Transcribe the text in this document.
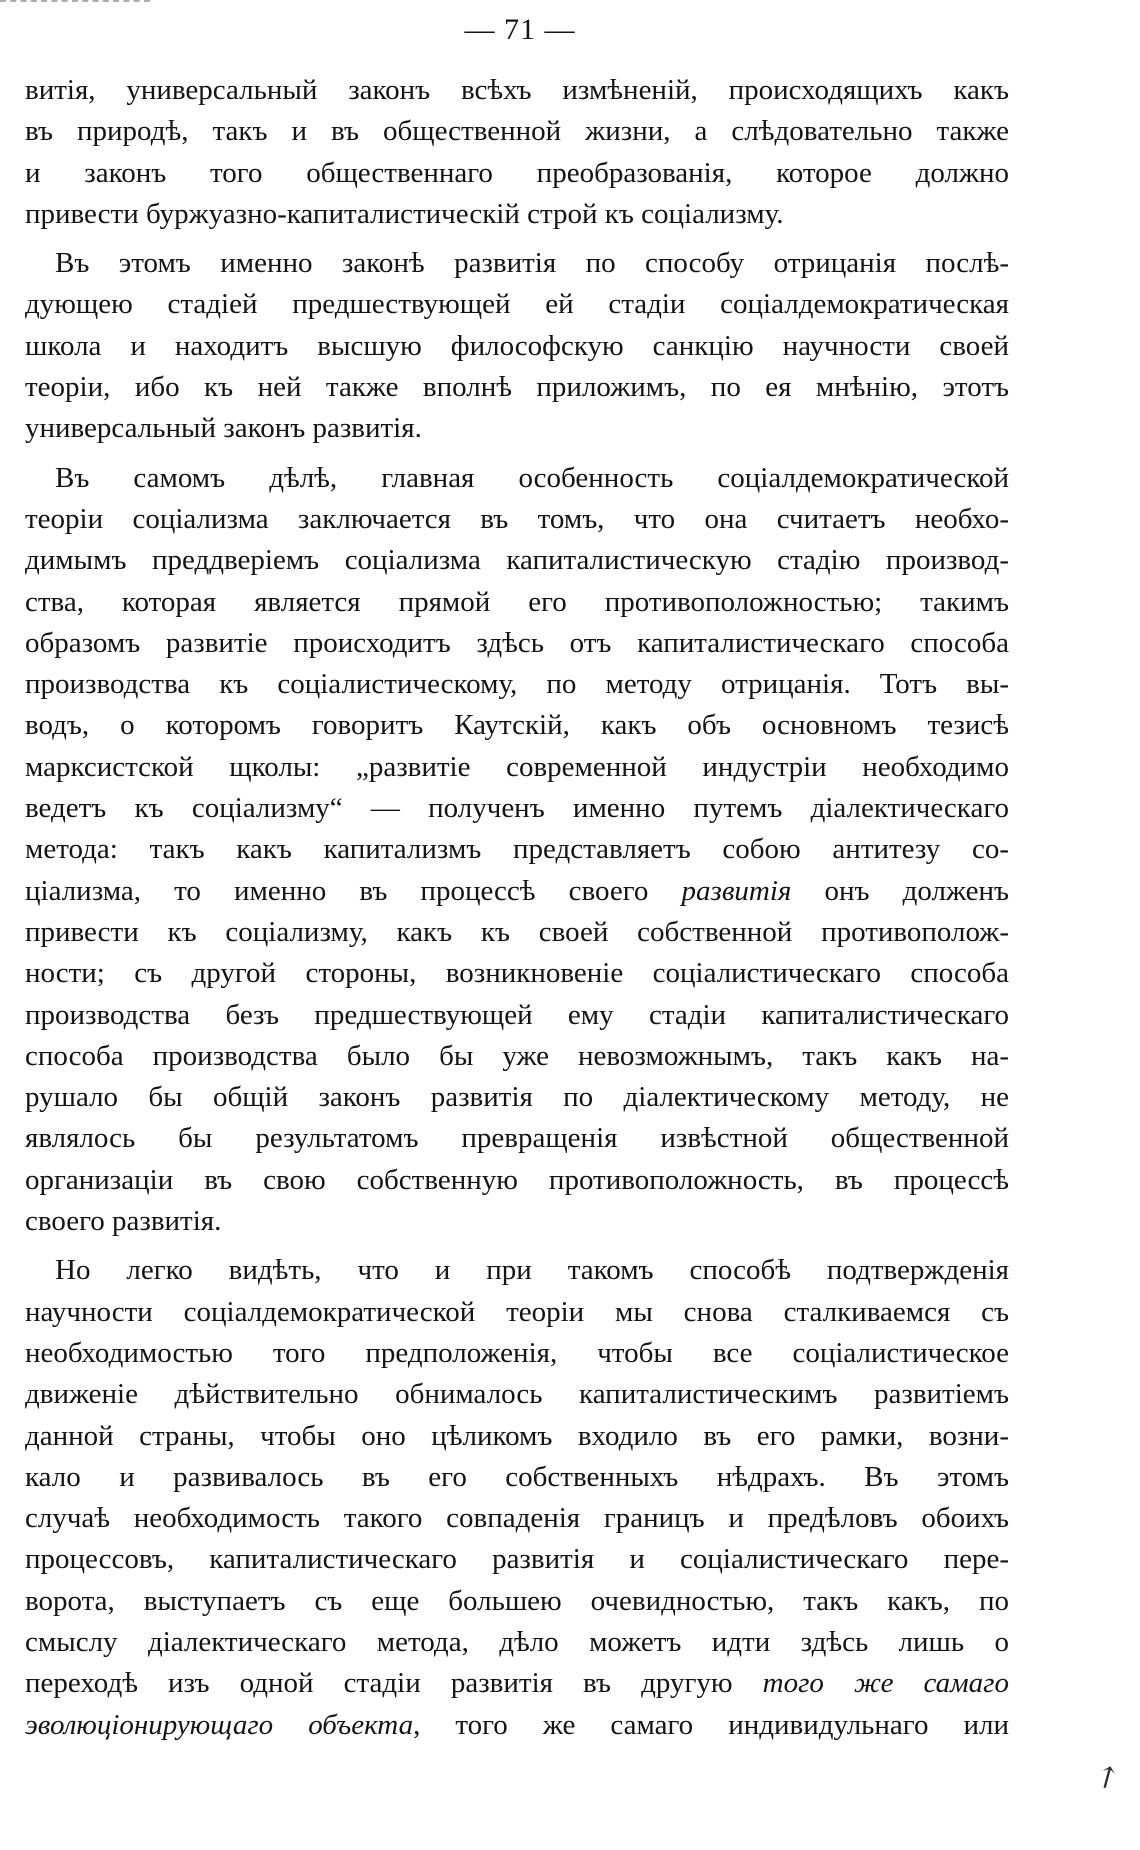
— 71 —

витія, универсальный законъ всѣхъ измѣненій, происходящихъ какъ
въ природѣ, такъ и въ общественной жизни, а слѣдовательно также
и законъ того общественнаго преобразованія, которое должно
привести буржуазно-капиталистическій строй къ соціализму.

Въ этомъ именно законѣ развитія по способу отрицанія послѣ-
дующею стадіей предшествующей ей стадіи соціалдемократическая
школа и находитъ высшую философскую санкцію научности своей
теоріи, ибо къ ней также вполнѣ приложимъ, по ея мнѣнію, этотъ
универсальный законъ развитія.

Въ самомъ дѣлѣ, главная особенность соціалдемократической
теоріи соціализма заключается въ томъ, что она считаетъ необхо-
димымъ преддверіемъ соціализма капиталистическую стадію производ-
ства, которая является прямой его противоположностью; такимъ
образомъ развитіе происходитъ здѣсь отъ капиталистическаго способа
производства къ соціалистическому, по методу отрицанія. Тотъ вы-
водъ, о которомъ говоритъ Каутскій, какъ объ основномъ тезисѣ
марксистской щколы: „развитіе современной индустріи необходимо
ведетъ къ соціализму“ — полученъ именно путемъ діалектическаго
метода: такъ какъ капитализмъ представляетъ собою антитезу со-
ціализма, то именно въ процессѣ своего развитія онъ долженъ
привести къ соціализму, какъ къ своей собственной противополож-
ности; съ другой стороны, возникновеніе соціалистическаго способа
производства безъ предшествующей ему стадіи капиталистическаго
способа производства было бы уже невозможнымъ, такъ какъ на-
рушало бы общій законъ развитія по діалектическому методу, не
являлось бы результатомъ превращенія извѣстной общественной
организаціи въ свою собственную противоположность, въ процессѣ
своего развитія.

Но легко видѣть, что и при такомъ способѣ подтвержденія
научности соціалдемократической теоріи мы снова сталкиваемся съ
необходимостью того предположенія, чтобы все соціалистическое
движеніе дѣйствительно обнималось капиталистическимъ развитіемъ
данной страны, чтобы оно цѣликомъ входило въ его рамки, возни-
кало и развивалось въ его собственныхъ нѣдрахъ. Въ этомъ
случаѣ необходимость такого совпаденія границъ и предѣловъ обоихъ
процессовъ, капиталистическаго развитія и соціалистическаго пере-
ворота, выступаетъ съ еще большею очевидностью, такъ какъ, по
смыслу діалектическаго метода, дѣло можетъ идти здѣсь лишь о
переходѣ изъ одной стадіи развитія въ другую того же самаго
эволюціонирующаго объекта, того же самаго индивидульнаго или

↗
